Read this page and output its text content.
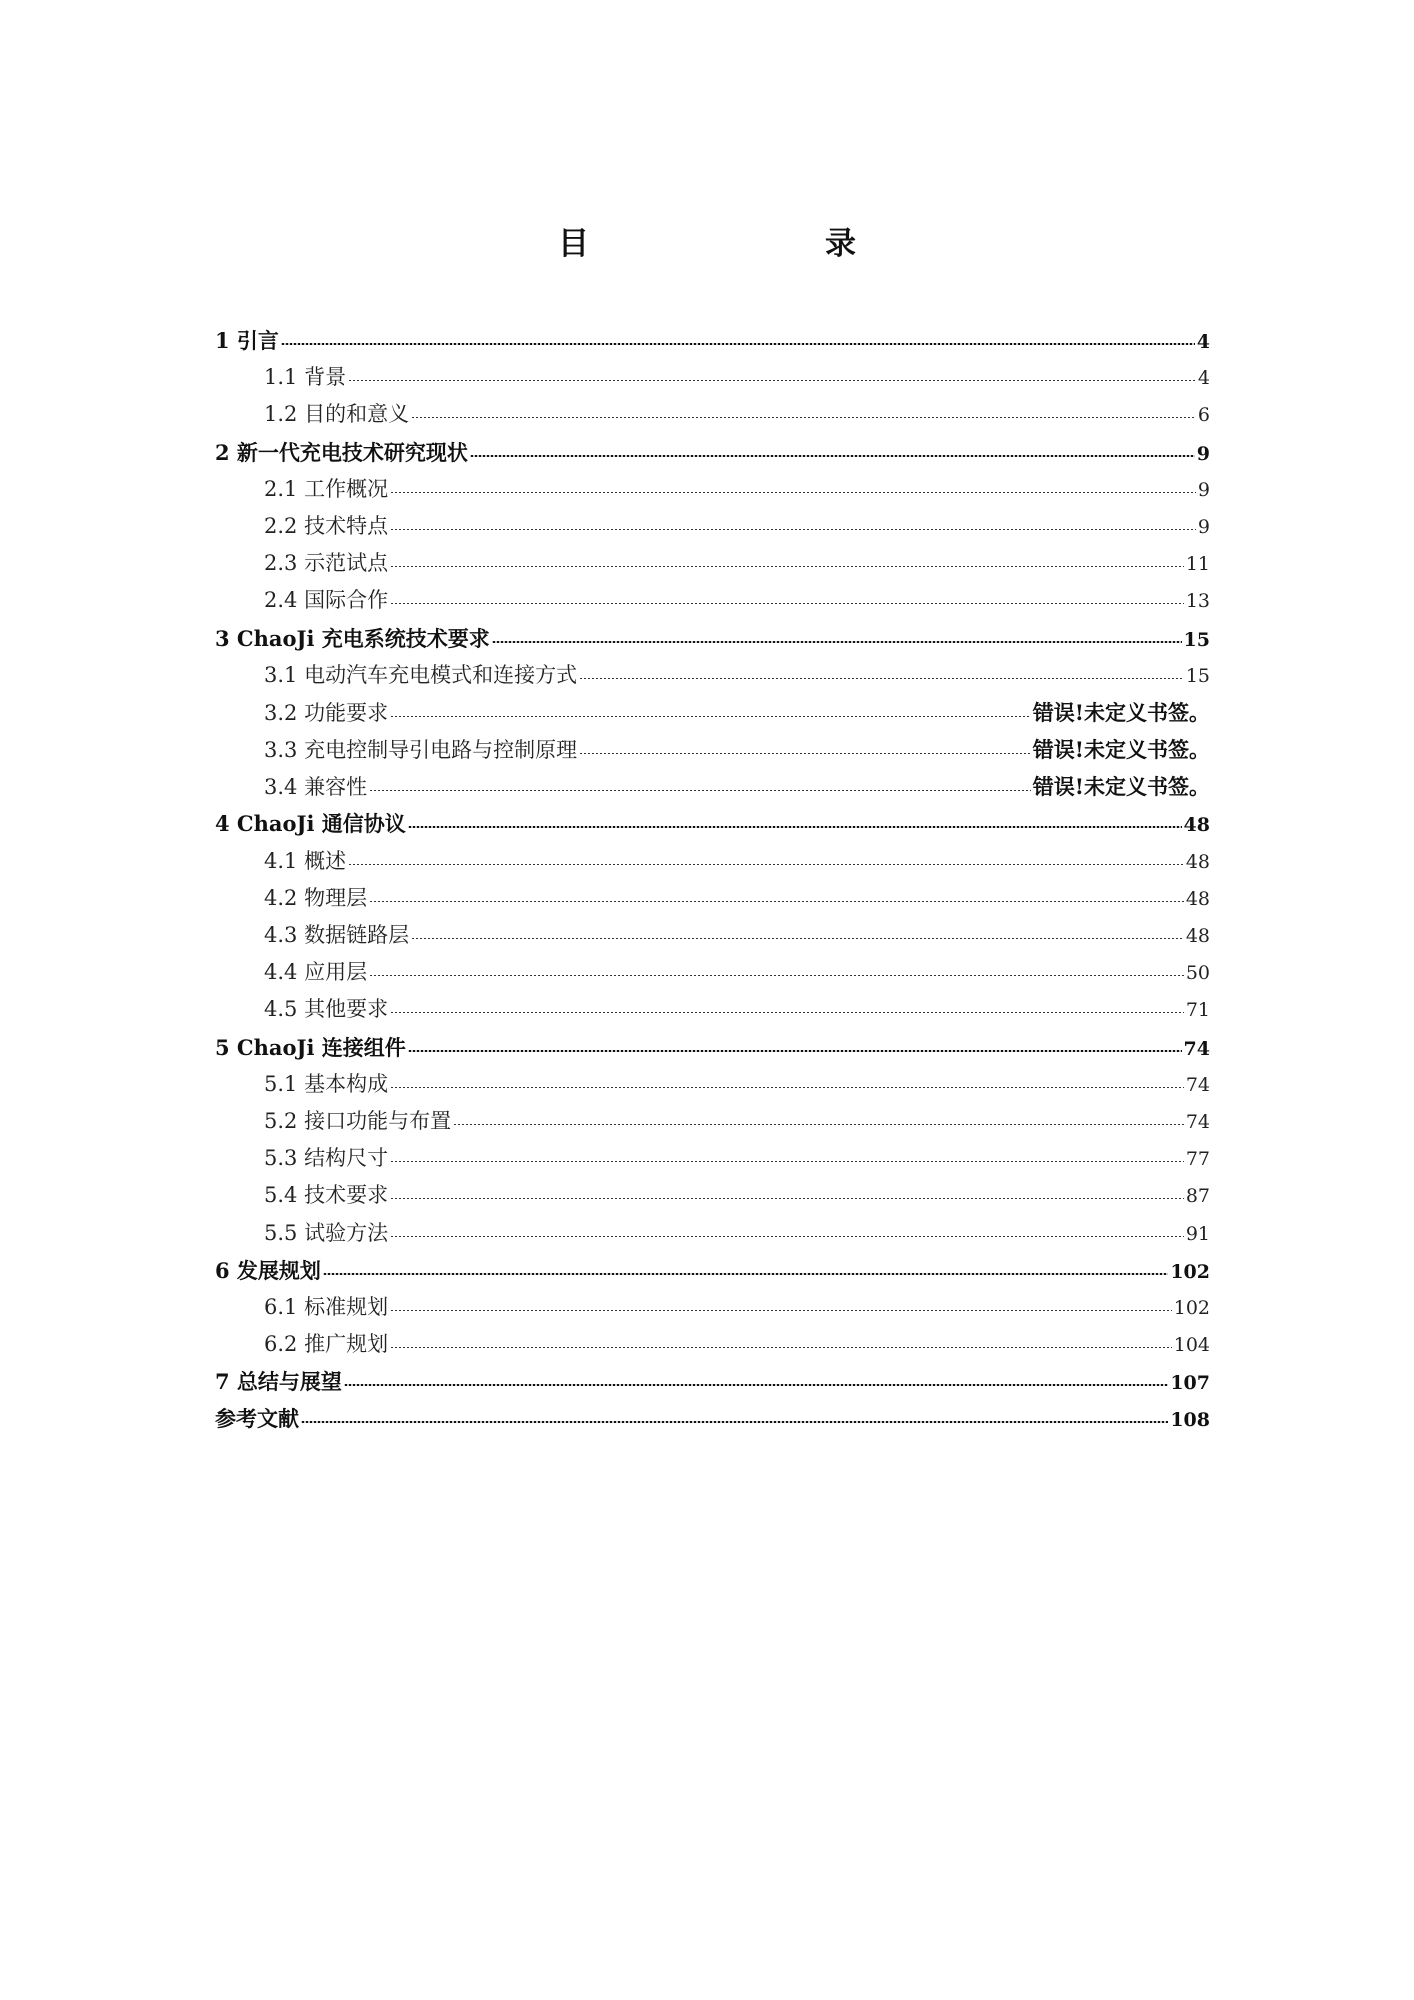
目　　录
1 引言	4
1.1 背景	4
1.2 目的和意义	6
2 新一代充电技术研究现状	9
2.1 工作概况	9
2.2 技术特点	9
2.3 示范试点	11
2.4 国际合作	13
3 ChaoJi 充电系统技术要求	15
3.1 电动汽车充电模式和连接方式	15
3.2 功能要求	错误!未定义书签。
3.3 充电控制导引电路与控制原理	错误!未定义书签。
3.4 兼容性	错误!未定义书签。
4 ChaoJi 通信协议	48
4.1 概述	48
4.2 物理层	48
4.3 数据链路层	48
4.4 应用层	50
4.5 其他要求	71
5 ChaoJi 连接组件	74
5.1 基本构成	74
5.2 接口功能与布置	74
5.3 结构尺寸	77
5.4 技术要求	87
5.5 试验方法	91
6 发展规划	102
6.1 标准规划	102
6.2 推广规划	104
7 总结与展望	107
参考文献	108
